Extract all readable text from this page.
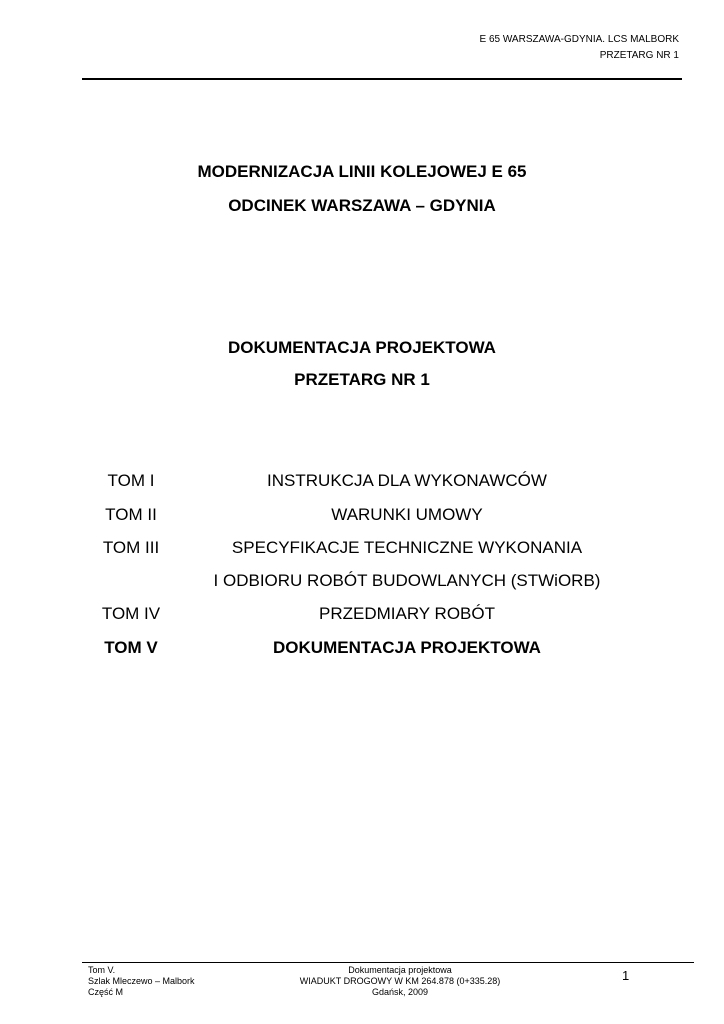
E 65 WARSZAWA-GDYNIA. LCS MALBORK
PRZETARG NR 1
MODERNIZACJA LINII KOLEJOWEJ E 65
ODCINEK WARSZAWA – GDYNIA
DOKUMENTACJA PROJEKTOWA
PRZETARG NR 1
TOM I	INSTRUKCJA DLA WYKONAWCÓW
TOM II	WARUNKI UMOWY
TOM III	SPECYFIKACJE TECHNICZNE WYKONANIA
I ODBIORU ROBÓT BUDOWLANYCH (STWiORB)
TOM IV	PRZEDMIARY ROBÓT
TOM V	DOKUMENTACJA PROJEKTOWA
Tom V.
Szlak Mleczewo – Malbork
Część M
Dokumentacja projektowa
WIADUKT DROGOWY W KM 264.878 (0+335.28)
Gdańsk, 2009
1
